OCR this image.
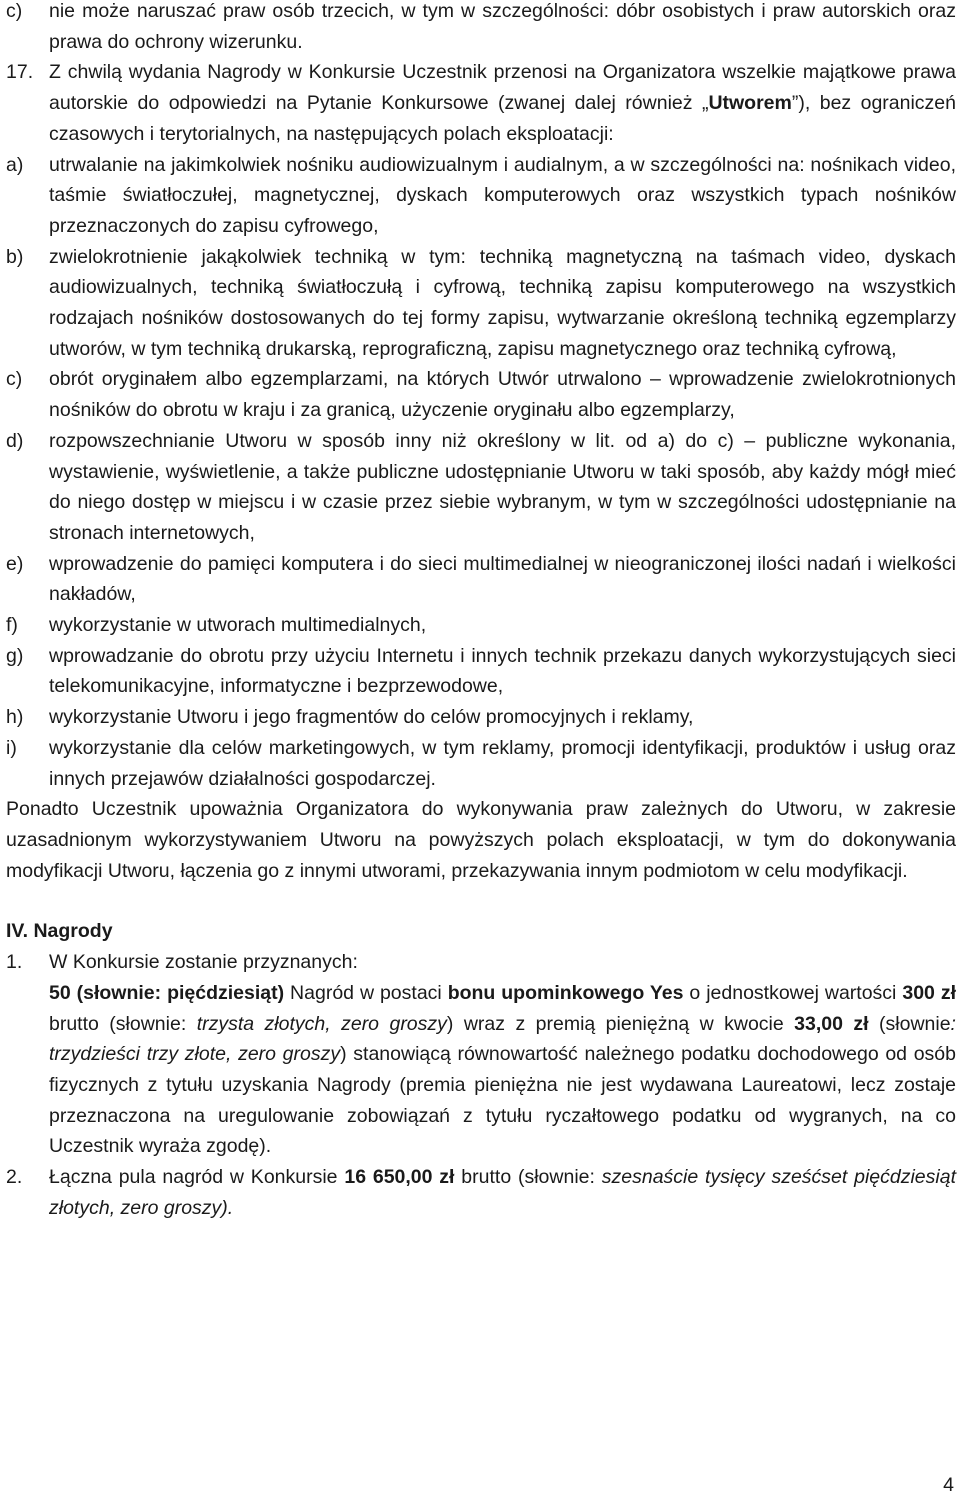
c)	nie może naruszać praw osób trzecich, w tym w szczególności: dóbr osobistych i praw autorskich oraz prawa do ochrony wizerunku.
17. Z chwilą wydania Nagrody w Konkursie Uczestnik przenosi na Organizatora wszelkie majątkowe prawa autorskie do odpowiedzi na Pytanie Konkursowe (zwanej dalej również „Utworem”), bez ograniczeń czasowych i terytorialnych, na następujących polach eksploatacji:
a)	utrwalanie na jakimkolwiek nośniku audiowizualnym i audialnym, a w szczególności na: nośnikach video, taśmie światłoczułej, magnetycznej, dyskach komputerowych oraz wszystkich typach nośników przeznaczonych do zapisu cyfrowego,
b)	zwielokrotnienie jakąkolwiek techniką w tym: techniką magnetyczną na taśmach video, dyskach audiowizualnych, techniką światłoczułą i cyfrową, techniką zapisu komputerowego na wszystkich rodzajach nośników dostosowanych do tej formy zapisu, wytwarzanie określoną techniką egzemplarzy utworów, w tym techniką drukarską, reprograficzną, zapisu magnetycznego oraz techniką cyfrową,
c)	obrót oryginałem albo egzemplarzami, na których Utwór utrwalono – wprowadzenie zwielokrotnionych nośników do obrotu w kraju i za granicą, użyczenie oryginału albo egzemplarzy,
d)	rozpowszechnianie Utworu w sposób inny niż określony w lit. od a) do c) – publiczne wykonania, wystawienie, wyświetlenie, a także publiczne udostępnianie Utworu w taki sposób, aby każdy mógł mieć do niego dostęp w miejscu i w czasie przez siebie wybranym, w tym w szczególności udostępnianie na stronach internetowych,
e)	wprowadzenie do pamięci komputera i do sieci multimedialnej w nieograniczonej ilości nadań i wielkości nakładów,
f)	wykorzystanie w utworach multimedialnych,
g)	wprowadzanie do obrotu przy użyciu Internetu i innych technik przekazu danych wykorzystujących sieci telekomunikacyjne, informatyczne i bezprzewodowe,
h)	wykorzystanie Utworu i jego fragmentów do celów promocyjnych i reklamy,
i)	wykorzystanie dla celów marketingowych, w tym reklamy, promocji identyfikacji, produktów i usług oraz innych przejawów działalności gospodarczej.
Ponadto Uczestnik upoważnia Organizatora do wykonywania praw zależnych do Utworu, w zakresie uzasadnionym wykorzystywaniem Utworu na powyższych polach eksploatacji, w tym do dokonywania modyfikacji Utworu, łączenia go z innymi utworami, przekazywania innym podmiotom w celu modyfikacji.
IV. Nagrody
1.	W Konkursie zostanie przyznanych:
50 (słownie: pięćdziesiąt) Nagród w postaci bonu upominkowego Yes o jednostkowej wartości 300 zł brutto (słownie: trzysta złotych, zero groszy) wraz z premią pieniężną w kwocie 33,00 zł (słownie: trzydzieści trzy złote, zero groszy) stanowiącą równowartość należnego podatku dochodowego od osób fizycznych z tytułu uzyskania Nagrody (premia pieniężna nie jest wydawana Laureatowi, lecz zostaje przeznaczona na uregulowanie zobowiązań z tytułu ryczałtowego podatku od wygranych, na co Uczestnik wyraża zgodę).
2.	Łączna pula nagród w Konkursie 16 650,00 zł brutto (słownie: szesnaście tysięcy sześćset pięćdziesiąt złotych, zero groszy).
4
